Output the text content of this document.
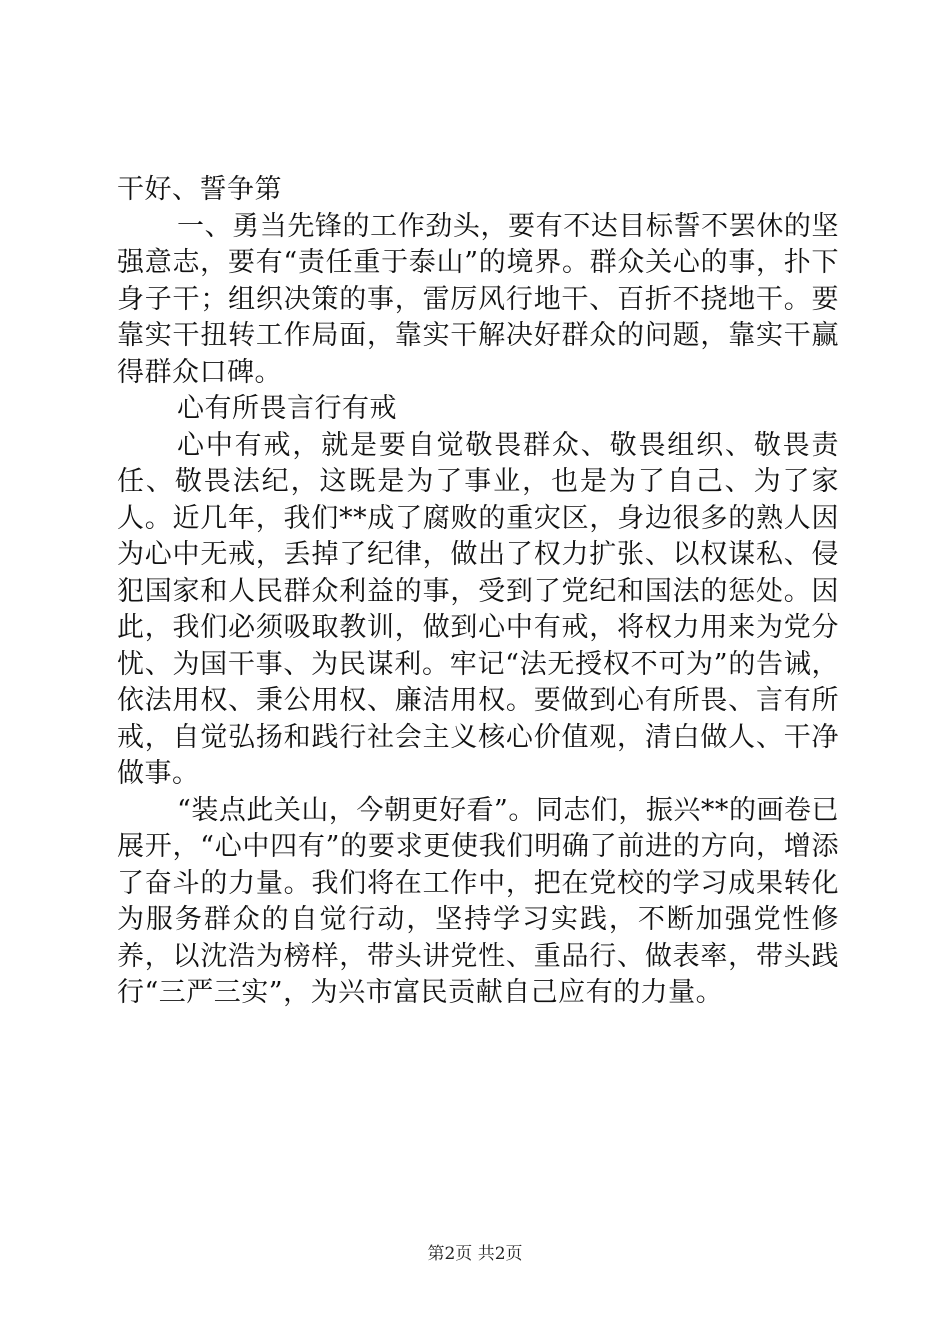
干好、誓争第

一、勇当先锋的工作劲头，要有不达目标誓不罢休的坚强意志，要有“责任重于泰山”的境界。群众关心的事，扑下身子干；组织决策的事，雷厉风行地干、百折不挠地干。要靠实干扭转工作局面，靠实干解决好群众的问题，靠实干赢得群众口碑。

心有所畏言行有戒

心中有戒，就是要自觉敬畏群众、敬畏组织、敬畏责任、敬畏法纪，这既是为了事业，也是为了自己、为了家人。近几年，我们**成了腐败的重灾区，身边很多的熟人因为心中无戒，丢掉了纪律，做出了权力扩张、以权谋私、侵犯国家和人民群众利益的事，受到了党纪和国法的惩处。因此，我们必须吸取教训，做到心中有戒，将权力用来为党分忧、为国干事、为民谋利。牢记“法无授权不可为”的告诫，依法用权、秉公用权、廉洁用权。要做到心有所畏、言有所戒，自觉弘扬和践行社会主义核心价值观，清白做人、干净做事。

“装点此关山，今朝更好看”。同志们，振兴**的画卷已展开，“心中四有”的要求更使我们明确了前进的方向，增添了奋斗的力量。我们将在工作中，把在党校的学习成果转化为服务群众的自觉行动，坚持学习实践，不断加强党性修养，以沈浩为榜样，带头讲党性、重品行、做表率，带头践行“三严三实”，为兴市富民贡献自己应有的力量。

第2页 共2页
